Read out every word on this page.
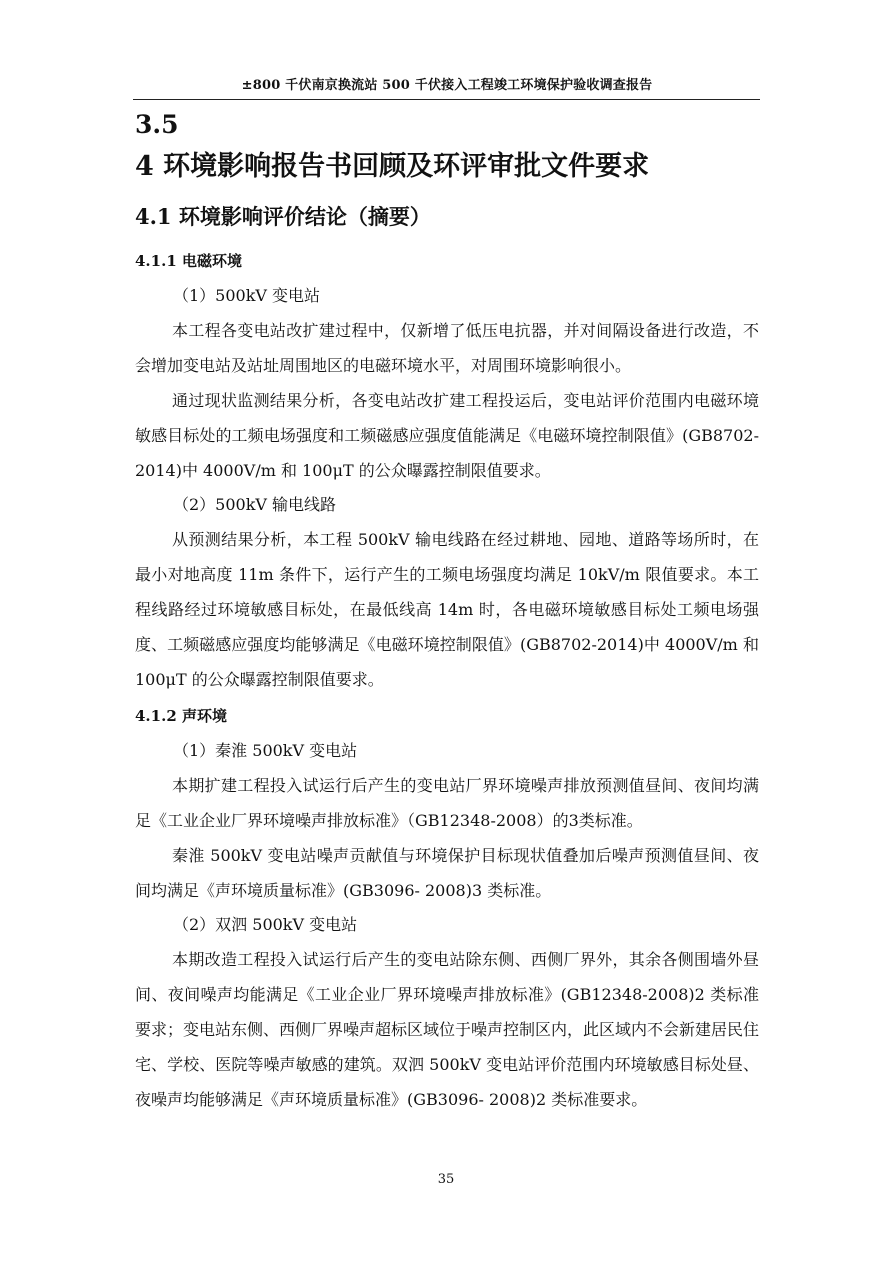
±800 千伏南京换流站 500 千伏接入工程竣工环境保护验收调查报告
3.5
4 环境影响报告书回顾及环评审批文件要求
4.1 环境影响评价结论（摘要）
4.1.1 电磁环境
（1）500kV 变电站
本工程各变电站改扩建过程中，仅新增了低压电抗器，并对间隔设备进行改造，不会增加变电站及站址周围地区的电磁环境水平，对周围环境影响很小。
通过现状监测结果分析，各变电站改扩建工程投运后，变电站评价范围内电磁环境敏感目标处的工频电场强度和工频磁感应强度值能满足《电磁环境控制限值》(GB8702- 2014)中 4000V/m 和 100μT 的公众曝露控制限值要求。
（2）500kV 输电线路
从预测结果分析，本工程 500kV 输电线路在经过耕地、园地、道路等场所时，在最小对地高度 11m 条件下，运行产生的工频电场强度均满足 10kV/m 限值要求。本工程线路经过环境敏感目标处，在最低线高 14m 时，各电磁环境敏感目标处工频电场强度、工频磁感应强度均能够满足《电磁环境控制限值》(GB8702-2014)中 4000V/m 和 100μT 的公众曝露控制限值要求。
4.1.2 声环境
（1）秦淮 500kV 变电站
本期扩建工程投入试运行后产生的变电站厂界环境噪声排放预测值昼间、夜间均满足《工业企业厂界环境噪声排放标准》（GB12348-2008）的3类标准。
秦淮 500kV 变电站噪声贡献值与环境保护目标现状值叠加后噪声预测值昼间、夜间均满足《声环境质量标准》(GB3096- 2008)3 类标准。
（2）双泗 500kV 变电站
本期改造工程投入试运行后产生的变电站除东侧、西侧厂界外，其余各侧围墙外昼间、夜间噪声均能满足《工业企业厂界环境噪声排放标准》(GB12348-2008)2 类标准要求；变电站东侧、西侧厂界噪声超标区域位于噪声控制区内，此区域内不会新建居民住宅、学校、医院等噪声敏感的建筑。双泗 500kV 变电站评价范围内环境敏感目标处昼、夜噪声均能够满足《声环境质量标准》(GB3096- 2008)2 类标准要求。
35
